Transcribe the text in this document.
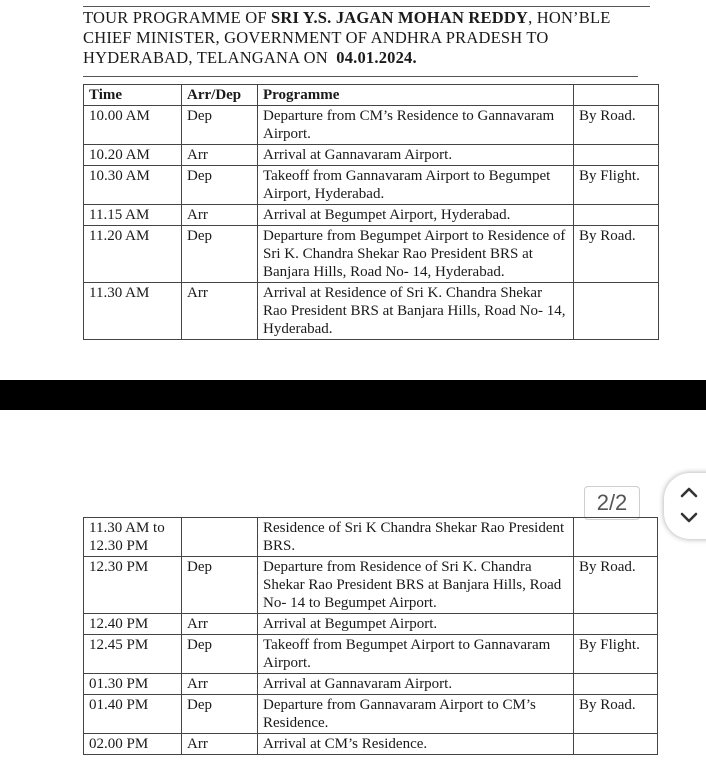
TOUR PROGRAMME OF SRI Y.S. JAGAN MOHAN REDDY, HON’BLE
CHIEF MINISTER, GOVERNMENT OF ANDHRA PRADESH TO
HYDERABAD, TELANGANA ON 04.01.2024.
Time	Arr/Dep	Programme	
10.00 AM	Dep	Departure from CM’s Residence to Gannavaram Airport.	By Road.
10.20 AM	Arr	Arrival at Gannavaram Airport.	
10.30 AM	Dep	Takeoff from Gannavaram Airport to Begumpet Airport, Hyderabad.	By Flight.
11.15 AM	Arr	Arrival at Begumpet Airport, Hyderabad.	
11.20 AM	Dep	Departure from Begumpet Airport to Residence of Sri K. Chandra Shekar Rao President BRS at Banjara Hills, Road No- 14, Hyderabad.	By Road.
11.30 AM	Arr	Arrival at Residence of Sri K. Chandra Shekar Rao President BRS at Banjara Hills, Road No- 14, Hyderabad.	
2/2
11.30 AM to 12.30 PM		Residence of Sri K Chandra Shekar Rao President BRS.	
12.30 PM	Dep	Departure from Residence of Sri K. Chandra Shekar Rao President BRS at Banjara Hills, Road No- 14 to Begumpet Airport.	By Road.
12.40 PM	Arr	Arrival at Begumpet Airport.	
12.45 PM	Dep	Takeoff from Begumpet Airport to Gannavaram Airport.	By Flight.
01.30 PM	Arr	Arrival at Gannavaram Airport.	
01.40 PM	Dep	Departure from Gannavaram Airport to CM’s Residence.	By Road.
02.00 PM	Arr	Arrival at CM’s Residence.	
